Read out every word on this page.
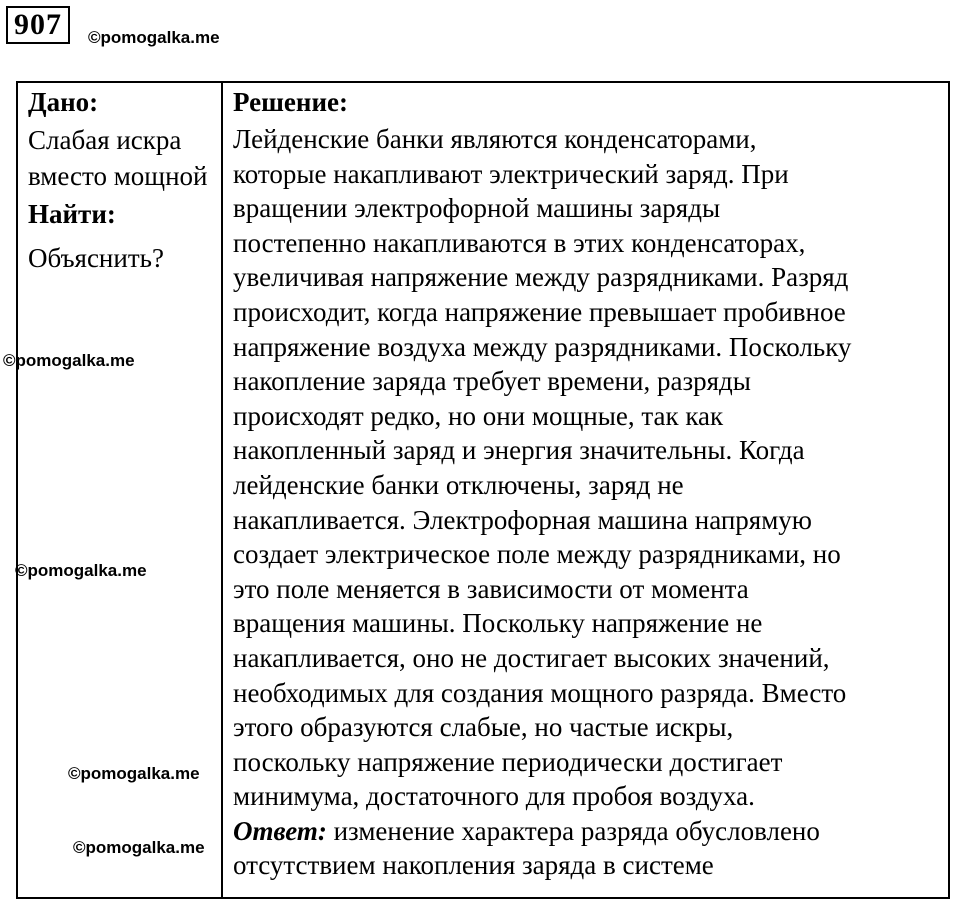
907	©pomogalka.me
Дано:
Слабая искра вместо мощной
Найти:
Объяснить?
Решение:
Лейденские банки являются конденсаторами,
которые накапливают электрический заряд. При
вращении электрофорной машины заряды
постепенно накапливаются в этих конденсаторах,
увеличивая напряжение между разрядниками. Разряд
происходит, когда напряжение превышает пробивное
напряжение воздуха между разрядниками. Поскольку
накопление заряда требует времени, разряды
происходят редко, но они мощные, так как
накопленный заряд и энергия значительны. Когда
лейденские банки отключены, заряд не
накапливается. Электрофорная машина напрямую
создает электрическое поле между разрядниками, но
это поле меняется в зависимости от момента
вращения машины. Поскольку напряжение не
накапливается, оно не достигает высоких значений,
необходимых для создания мощного разряда. Вместо
этого образуются слабые, но частые искры,
поскольку напряжение периодически достигает
минимума, достаточного для пробоя воздуха.
Ответ: изменение характера разряда обусловлено
отсутствием накопления заряда в системе
©pomogalka.me
©pomogalka.me
©pomogalka.me
©pomogalka.me
